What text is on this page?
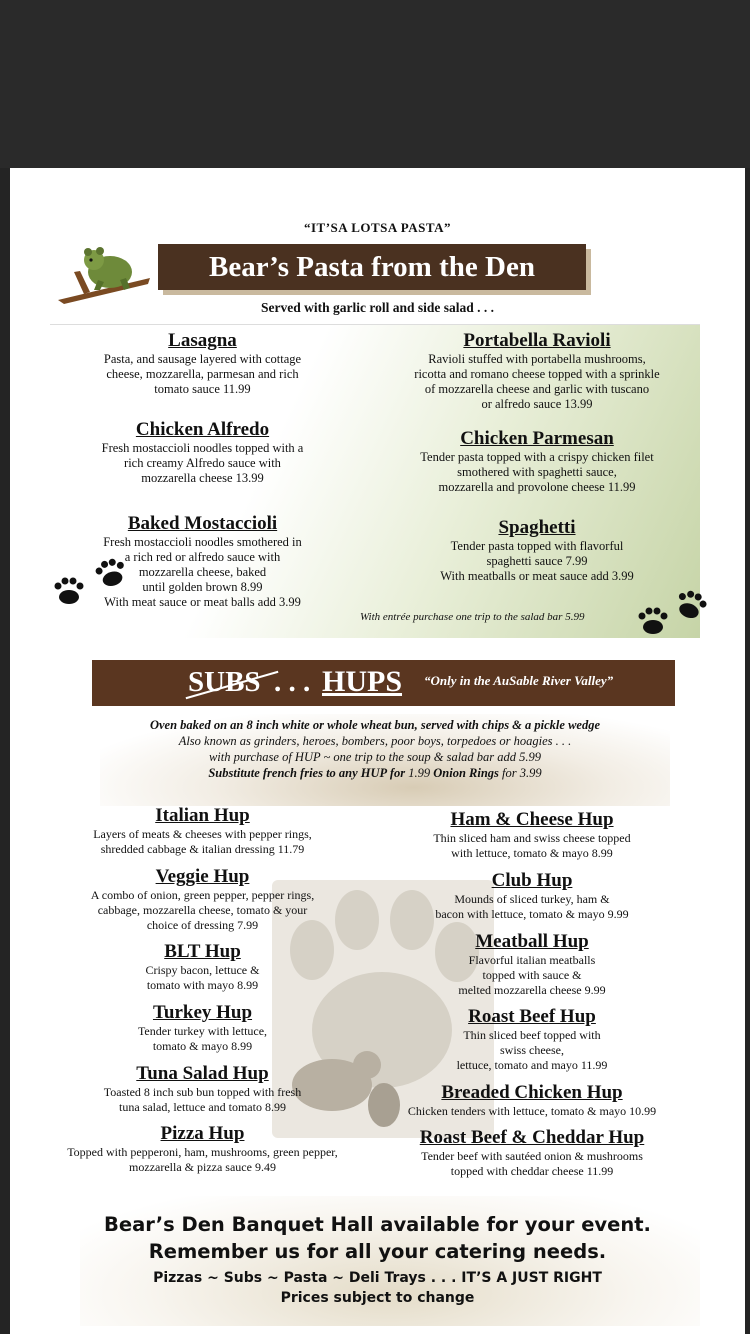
“IT’SA LOTSA PASTA”
Bear’s Pasta from the Den
Served with garlic roll and side salad . . .
Lasagna

Pasta, and sausage layered with cottage

cheese, mozzarella, parmesan and rich

tomato sauce 11.99

Chicken Alfredo

Fresh mostaccioli noodles topped with a

rich creamy Alfredo sauce with

mozzarella cheese 13.99

Baked Mostaccioli

Fresh mostaccioli noodles smothered in

a rich red or alfredo sauce with

mozzarella cheese, baked

until golden brown 8.99

With meat sauce or meat balls add 3.99

Portabella Ravioli

Ravioli stuffed with portabella mushrooms,

ricotta and romano cheese topped with a sprinkle

of mozzarella cheese and garlic with tuscano

or alfredo sauce 13.99

Chicken Parmesan

Tender pasta topped with a crispy chicken filet

smothered with spaghetti sauce,

mozzarella and provolone cheese 11.99

Spaghetti

Tender pasta topped with flavorful

spaghetti sauce 7.99

With meatballs or meat sauce add 3.99

With entrée purchase one trip to the salad bar 5.99
SUBS . . . HUPS “Only in the AuSable River Valley”
Oven baked on an 8 inch white or whole wheat bun, served with chips & a pickle wedge
Also known as grinders, heroes, bombers, poor boys, torpedoes or hoagies . . .
with purchase of HUP ~ one trip to the soup & salad bar add 5.99
Substitute french fries to any HUP for 1.99 Onion Rings for 3.99
Italian Hup

Layers of meats & cheeses with pepper rings,

shredded cabbage & italian dressing 11.79

Veggie Hup

A combo of onion, green pepper, pepper rings,

cabbage, mozzarella cheese, tomato & your

choice of dressing 7.99

BLT Hup

Crispy bacon, lettuce &

tomato with mayo 8.99

Turkey Hup

Tender turkey with lettuce,

tomato & mayo 8.99

Tuna Salad Hup

Toasted 8 inch sub bun topped with fresh

tuna salad, lettuce and tomato 8.99

Pizza Hup

Topped with pepperoni, ham, mushrooms, green pepper,

mozzarella & pizza sauce 9.49

Ham & Cheese Hup

Thin sliced ham and swiss cheese topped

with lettuce, tomato & mayo 8.99

Club Hup

Mounds of sliced turkey, ham &

bacon with lettuce, tomato & mayo 9.99

Meatball Hup

Flavorful italian meatballs

topped with sauce &

melted mozzarella cheese 9.99

Roast Beef Hup

Thin sliced beef topped with

swiss cheese,

lettuce, tomato and mayo 11.99

Breaded Chicken Hup

Chicken tenders with lettuce, tomato & mayo 10.99

Roast Beef & Cheddar Hup

Tender beef with sautéed onion & mushrooms

topped with cheddar cheese 11.99

Bear’s Den Banquet Hall available for your event.
Remember us for all your catering needs.
Pizzas ~ Subs ~ Pasta ~ Deli Trays . . . IT’S A JUST RIGHT
Prices subject to change
